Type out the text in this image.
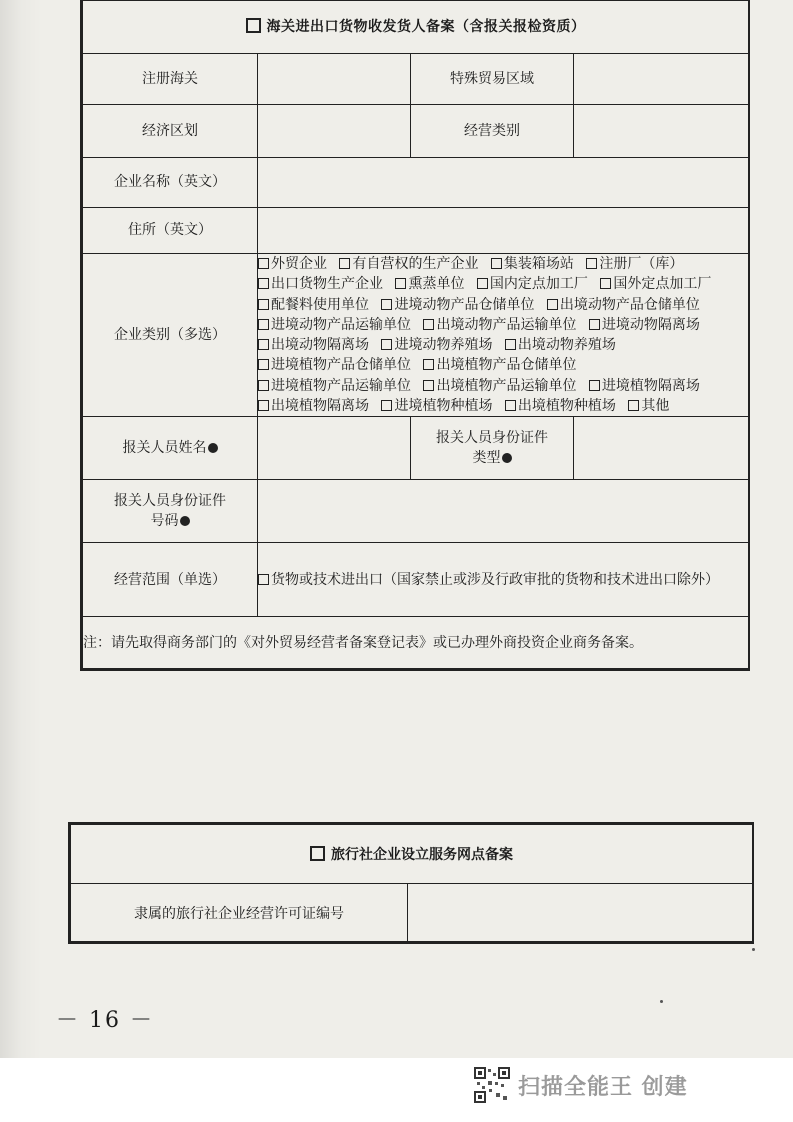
海关进出口货物收发货人备案（含报关报检资质）			
注册海关		特殊贸易区域	
经济区划		经营类别	
企业名称（英文）			
住所（英文）			
企业类别（多选）	外贸企业 有自营权的生产企业 集装箱场站 注册厂（库） 出口货物生产企业 熏蒸单位 国内定点加工厂 国外定点加工厂 配餐料使用单位 进境动物产品仓储单位 出境动物产品仓储单位 进境动物产品运输单位 出境动物产品运输单位 进境动物隔离场 出境动物隔离场 进境动物养殖场 出境动物养殖场 进境植物产品仓储单位 出境植物产品仓储单位 进境植物产品运输单位 出境植物产品运输单位 进境植物隔离场 出境植物隔离场 进境植物种植场 出境植物种植场 其他		
报关人员姓名		报关人员身份证件
类型	

报关人员身份证件
号码			

经营范围（单选）	货物或技术进出口（国家禁止或涉及行政审批的货物和技术进出口除外）		
注：请先取得商务部门的《对外贸易经营者备案登记表》或已办理外商投资企业商务备案。			
旅行社企业设立服务网点备案
隶属的旅行社企业经营许可证编号	
－ 16 －
扫描全能王 创建
